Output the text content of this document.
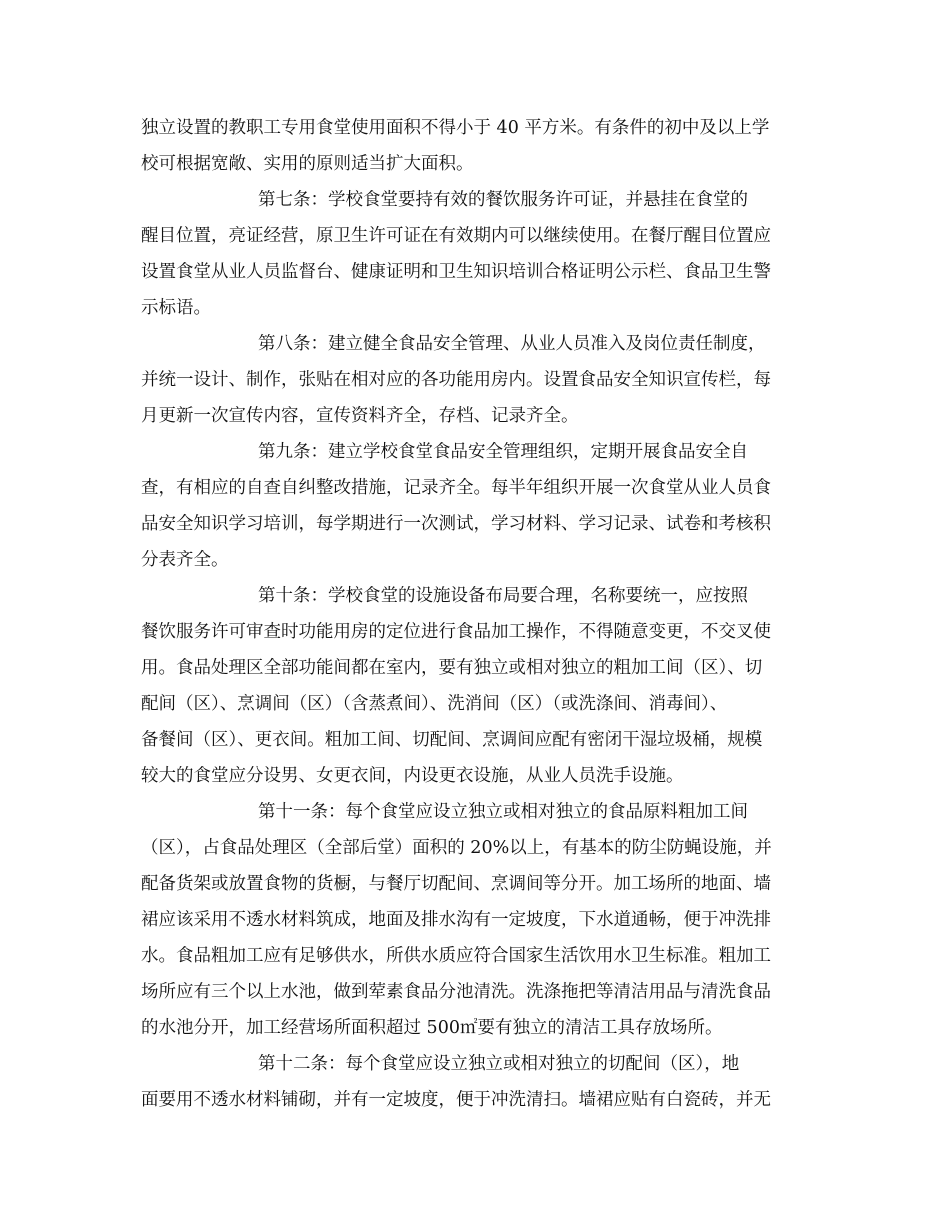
独立设置的教职工专用食堂使用面积不得小于 40 平方米。有条件的初中及以上学
校可根据宽敞、实用的原则适当扩大面积。
第七条：学校食堂要持有效的餐饮服务许可证，并悬挂在食堂的
醒目位置，亮证经营，原卫生许可证在有效期内可以继续使用。在餐厅醒目位置应
设置食堂从业人员监督台、健康证明和卫生知识培训合格证明公示栏、食品卫生警
示标语。
第八条：建立健全食品安全管理、从业人员准入及岗位责任制度，
并统一设计、制作，张贴在相对应的各功能用房内。设置食品安全知识宣传栏，每
月更新一次宣传内容，宣传资料齐全，存档、记录齐全。
第九条：建立学校食堂食品安全管理组织，定期开展食品安全自
查，有相应的自查自纠整改措施，记录齐全。每半年组织开展一次食堂从业人员食
品安全知识学习培训，每学期进行一次测试，学习材料、学习记录、试卷和考核积
分表齐全。
第十条：学校食堂的设施设备布局要合理，名称要统一，应按照
餐饮服务许可审查时功能用房的定位进行食品加工操作，不得随意变更，不交叉使
用。食品处理区全部功能间都在室内，要有独立或相对独立的粗加工间（区）、切
配间（区）、烹调间（区）（含蒸煮间）、洗消间（区）（或洗涤间、消毒间）、
备餐间（区）、更衣间。粗加工间、切配间、烹调间应配有密闭干湿垃圾桶，规模
较大的食堂应分设男、女更衣间，内设更衣设施，从业人员洗手设施。
第十一条：每个食堂应设立独立或相对独立的食品原料粗加工间
（区），占食品处理区（全部后堂）面积的 20%以上，有基本的防尘防蝇设施，并
配备货架或放置食物的货橱，与餐厅切配间、烹调间等分开。加工场所的地面、墙
裙应该采用不透水材料筑成，地面及排水沟有一定坡度，下水道通畅，便于冲洗排
水。食品粗加工应有足够供水，所供水质应符合国家生活饮用水卫生标准。粗加工
场所应有三个以上水池，做到荤素食品分池清洗。洗涤拖把等清洁用品与清洗食品
的水池分开，加工经营场所面积超过 500㎡要有独立的清洁工具存放场所。
第十二条：每个食堂应设立独立或相对独立的切配间（区），地
面要用不透水材料铺砌，并有一定坡度，便于冲洗清扫。墙裙应贴有白瓷砖，并无
